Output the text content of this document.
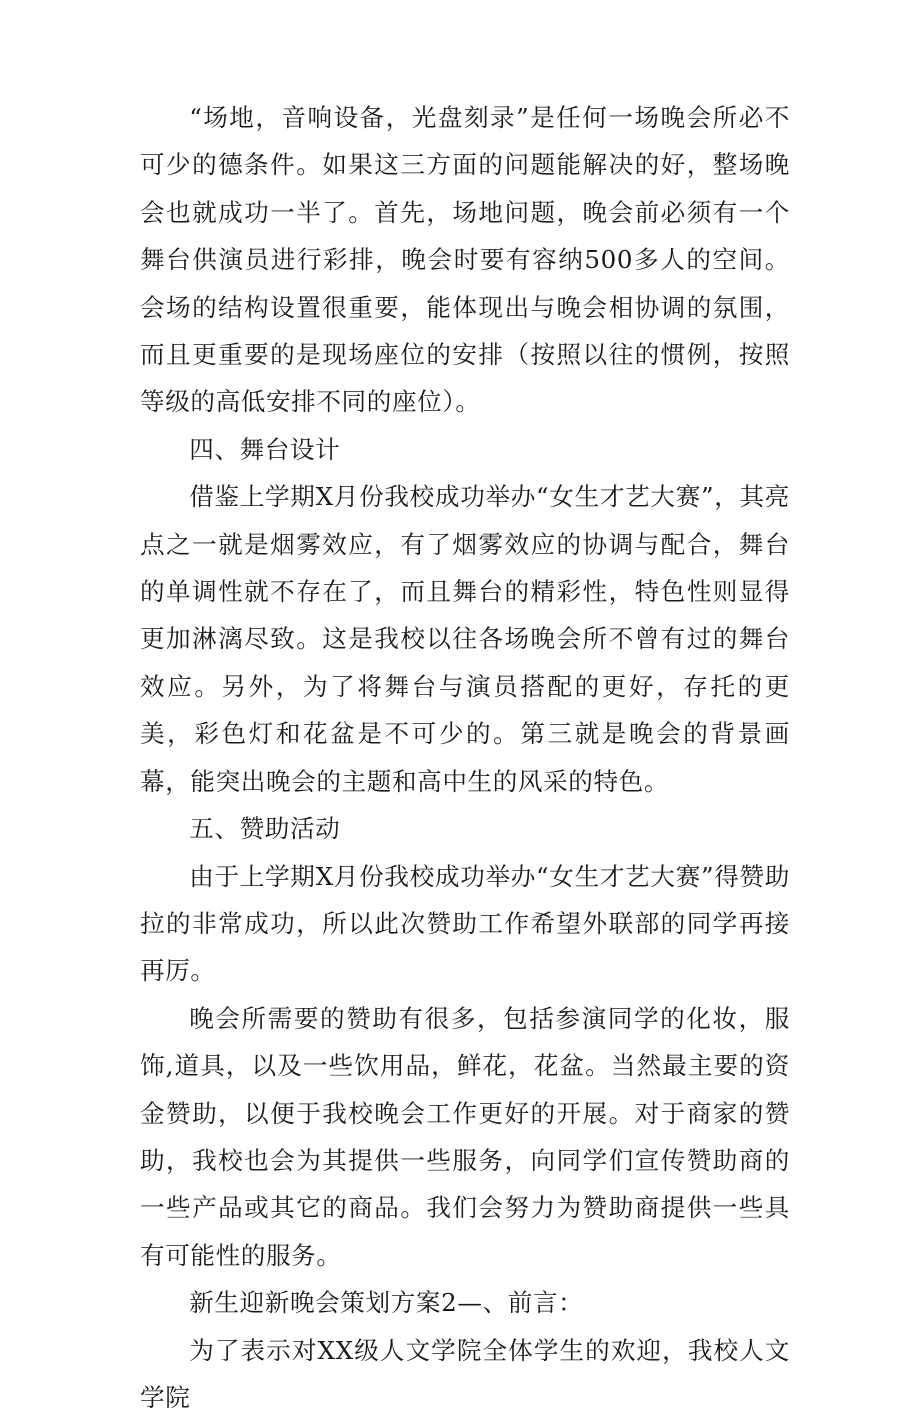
“场地，音响设备，光盘刻录”是任何一场晚会所必不可少的德条件。如果这三方面的问题能解决的好，整场晚会也就成功一半了。首先，场地问题，晚会前必须有一个舞台供演员进行彩排，晚会时要有容纳500多人的空间。会场的结构设置很重要，能体现出与晚会相协调的氛围，而且更重要的是现场座位的安排（按照以往的惯例，按照等级的高低安排不同的座位）。

四、舞台设计

借鉴上学期X月份我校成功举办“女生才艺大赛”，其亮点之一就是烟雾效应，有了烟雾效应的协调与配合，舞台的单调性就不存在了，而且舞台的精彩性，特色性则显得更加淋漓尽致。这是我校以往各场晚会所不曾有过的舞台效应。另外，为了将舞台与演员搭配的更好，存托的更美，彩色灯和花盆是不可少的。第三就是晚会的背景画幕，能突出晚会的主题和高中生的风采的特色。

五、赞助活动

由于上学期X月份我校成功举办“女生才艺大赛”得赞助拉的非常成功，所以此次赞助工作希望外联部的同学再接再厉。

晚会所需要的赞助有很多，包括参演同学的化妆，服饰,道具，以及一些饮用品，鲜花，花盆。当然最主要的资金赞助，以便于我校晚会工作更好的开展。对于商家的赞助，我校也会为其提供一些服务，向同学们宣传赞助商的一些产品或其它的商品。我们会努力为赞助商提供一些具有可能性的服务。

新生迎新晚会策划方案2—、前言：

为了表示对XX级人文学院全体学生的欢迎，我校人文学院
